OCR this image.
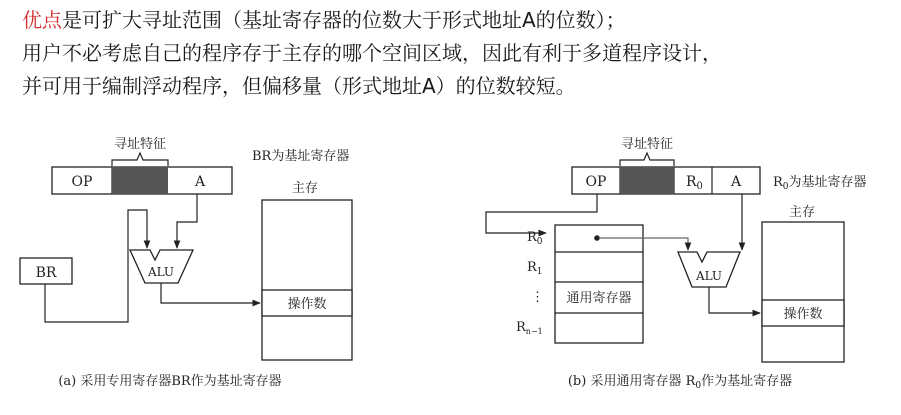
优点是可扩大寻址范围（基址寄存器的位数大于形式地址A的位数）；
用户不必考虑自己的程序存于主存的哪个空间区域，因此有利于多道程序设计，
并可用于编制浮动程序，但偏移量（形式地址A）的位数较短。
寻址特征
OP	A
BR为基址寄存器
主存
操作数
BR	ALU
(a) 采用专用寄存器BR作为基址寄存器
寻址特征
OP	$R_0$ A $R_0$为基址寄存器
主存
操作数
通用寄存器
$R_0$
$R_1$
⋮
$R_{n-1}$
ALU
(b) 采用通用寄存器 $R_0$作为基址寄存器
